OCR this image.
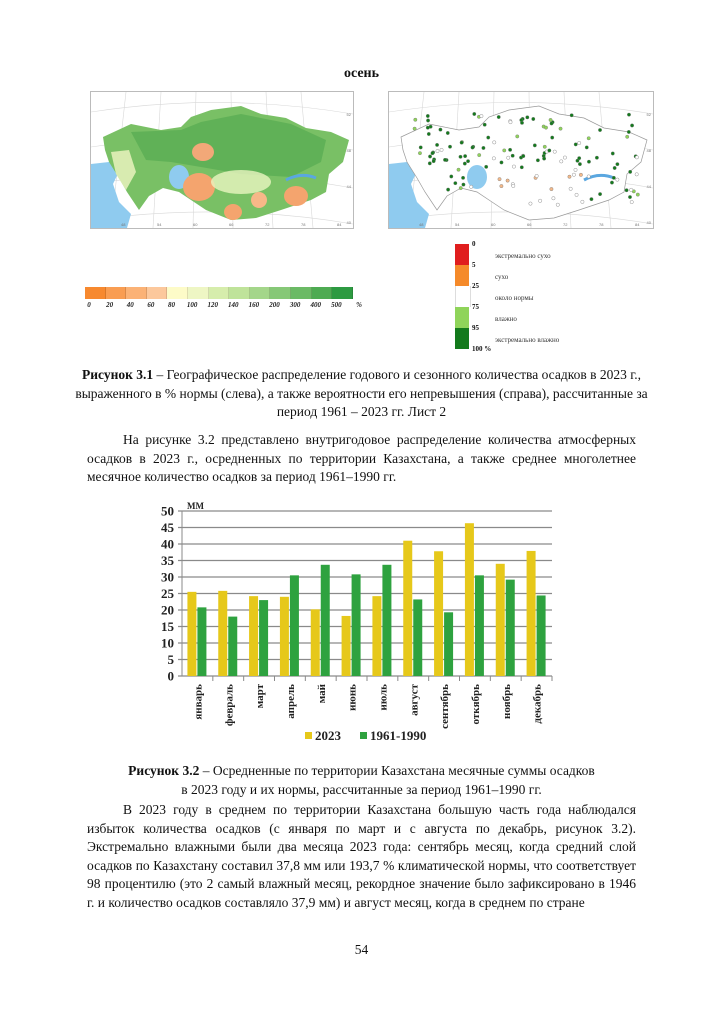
осень
48	54	60	66	72	78	84
52
48
44
40	48	54	60	66	72	78	84
52
48
44
40
0 20 40 60 80 100 120 140 160 200 300 400 500 %
экстремально сухо
сухо
около нормы
влажно
экстремально влажно
0
5
25
75
95
100 %
Рисунок 3.1 – Географическое распределение годового и сезонного количества осадков в 2023 г., выраженного в % нормы (слева), а также вероятности его непревышения (справа), рассчитанные за период 1961 – 2023 гг. Лист 2
На рисунке 3.2 представлено внутригодовое распределение количества атмосферных осадков в 2023 г., осредненных по территории Казахстана, а также среднее многолетнее месячное количество осадков за период 1961–1990 гг.
0
5
10
15
20
25
30
35
40
45
50 ММ
январь февраль март апрель май июнь июль август сентябрь откябрь ноябрь декабрь
2023 1961-1990
Рисунок 3.2 – Осредненные по территории Казахстана месячные суммы осадков
в 2023 году и их нормы, рассчитанные за период 1961–1990 гг.
В 2023 году в среднем по территории Казахстана большую часть года наблюдался избыток количества осадков (с января по март и с августа по декабрь, рисунок 3.2). Экстремально влажными были два месяца 2023 года: сентябрь месяц, когда средний слой осадков по Казахстану составил 37,8 мм или 193,7 % климатической нормы, что соответствует 98 процентилю (это 2 самый влажный месяц, рекордное значение было зафиксировано в 1946 г. и количество осадков составляло 37,9 мм) и август месяц, когда в среднем по стране
54
